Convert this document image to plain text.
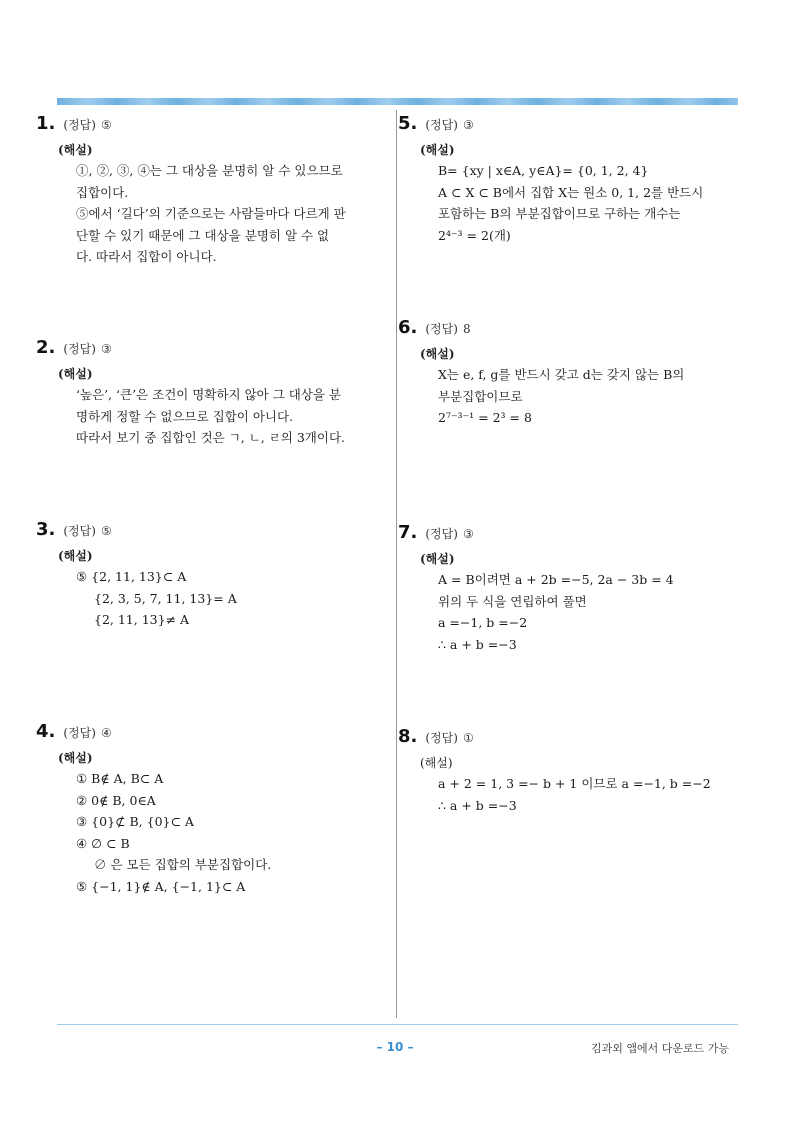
1. (정답) ⑤
(해설)
①, ②, ③, ④는 그 대상을 분명히 알 수 있으므로
집합이다.
⑤에서 ‘길다’의 기준으로는 사람들마다 다르게 판
단할 수 있기 때문에 그 대상을 분명히 알 수 없
다. 따라서 집합이 아니다.
2. (정답) ③
(해설)
‘높은’, ‘큰’은 조건이 명확하지 않아 그 대상을 분
명하게 정할 수 없으므로 집합이 아니다.
따라서 보기 중 집합인 것은 ㄱ, ㄴ, ㄹ의 3개이다.
3. (정답) ⑤
(해설)
⑤ {2, 11, 13}⊂ A
{2, 3, 5, 7, 11, 13}= A
{2, 11, 13}≠ A
4. (정답) ④
(해설)
① B∉ A, B⊂ A
② 0∉ B, 0∈A
③ {0}⊄ B, {0}⊂ A
④ ∅ ⊂ B
∅ 은 모든 집합의 부분집합이다.
⑤ {−1, 1}∉ A, {−1, 1}⊂ A
5. (정답) ③
(해설)
B= {xy | x∈A, y∈A}= {0, 1, 2, 4}
A ⊂ X ⊂ B에서 집합 X는 원소 0, 1, 2를 반드시
포함하는 B의 부분집합이므로 구하는 개수는
2⁴⁻³ = 2(개)
6. (정답) 8
(해설)
X는 e, f, g를 반드시 갖고 d는 갖지 않는 B의
부분집합이므로
2⁷⁻³⁻¹ = 2³ = 8
7. (정답) ③
(해설)
A = B이려면 a + 2b =−5, 2a − 3b = 4
위의 두 식을 연립하여 풀면
a =−1, b =−2
∴ a + b =−3
8. (정답) ①
(해설)
a + 2 = 1, 3 =− b + 1 이므로 a =−1, b =−2
∴ a + b =−3
– 10 –	김과외 앱에서 다운로드 가능
